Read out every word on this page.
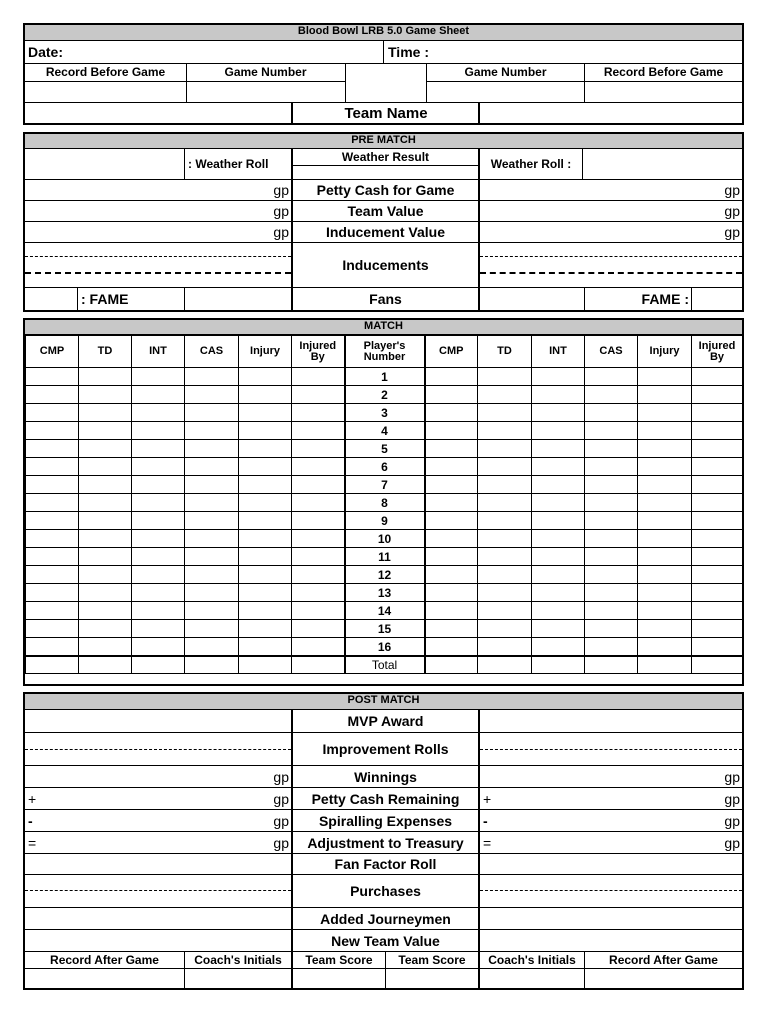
Blood Bowl LRB 5.0 Game Sheet
Date:	Time :
Record Before Game	Game Number	Game Number	Record Before Game
Team Name
PRE MATCH
: Weather Roll	Weather Result	Weather Roll :
gp	Petty Cash for Game	gp
gp	Team Value	gp
gp	Inducement Value	gp
Inducements
: FAME	Fans	FAME :
MATCH
CMP	TD	INT	CAS	Injury	Injured By	Player's Number	CMP	TD	INT	CAS	Injury	Injured By
						1						
						2						
						3						
						4						
						5						
						6						
						7						
						8						
						9						
						10						
						11						
						12						
						13						
						14						
						15						
						16						
						Total						
POST MATCH
MVP Award
Improvement Rolls
gp	Winnings	gp
+	gp	Petty Cash Remaining	+	gp
-	gp	Spiralling Expenses	-	gp
=	gp	Adjustment to Treasury	=	gp
Fan Factor Roll
Purchases
Added Journeymen
New Team Value
Record After Game	Coach's Initials	Team Score	Team Score	Coach's Initials	Record After Game
